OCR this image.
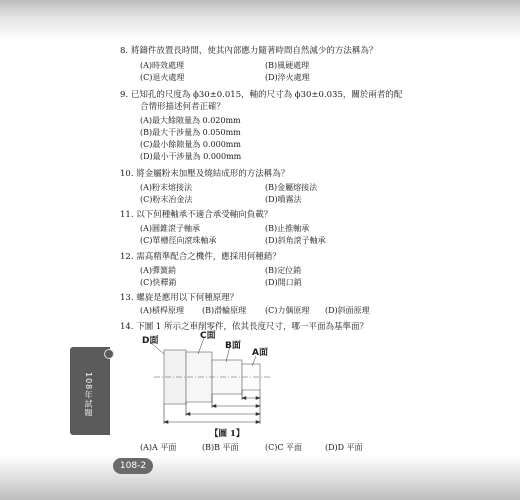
108年試題
108-2
8. 將鑄件放置長時間，使其內部應力隨著時間自然減少的方法稱為？
(A)時效處理	(B)風硬處理
(C)退火處理	(D)淬火處理
9. 已知孔的尺度為 ϕ30±0.015，軸的尺寸為 ϕ30±0.035，關於兩者的配
合情形描述何者正確？
(A)最大餘隙量為 0.020mm
(B)最大干涉量為 0.050mm
(C)最小餘隙量為 0.000mm
(D)最小干涉量為 0.000mm
10. 將金屬粉末加壓及燒結成形的方法稱為？
(A)粉末熔接法	(B)金屬熔接法
(C)粉末冶金法	(D)噴霧法
11. 以下何種軸承不適合承受軸向負載？
(A)圓錐滾子軸承	(B)止推軸承
(C)單槽徑向滾珠軸承	(D)斜角滾子軸承
12. 需高精準配合之機件，應採用何種銷？
(A)彈簧銷	(B)定位銷
(C)快釋銷	(D)開口銷
13. 螺旋是應用以下何種原理？
(A)槓桿原理 (B)滑輪原理 (C)力偶原理 (D)斜面原理
14. 下圖 1 所示之車削零件，依其長度尺寸，哪一平面為基準面？
D面	C面
B面
A面
【圖 1】
(A)A 平面	(B)B 平面	(C)C 平面	(D)D 平面
